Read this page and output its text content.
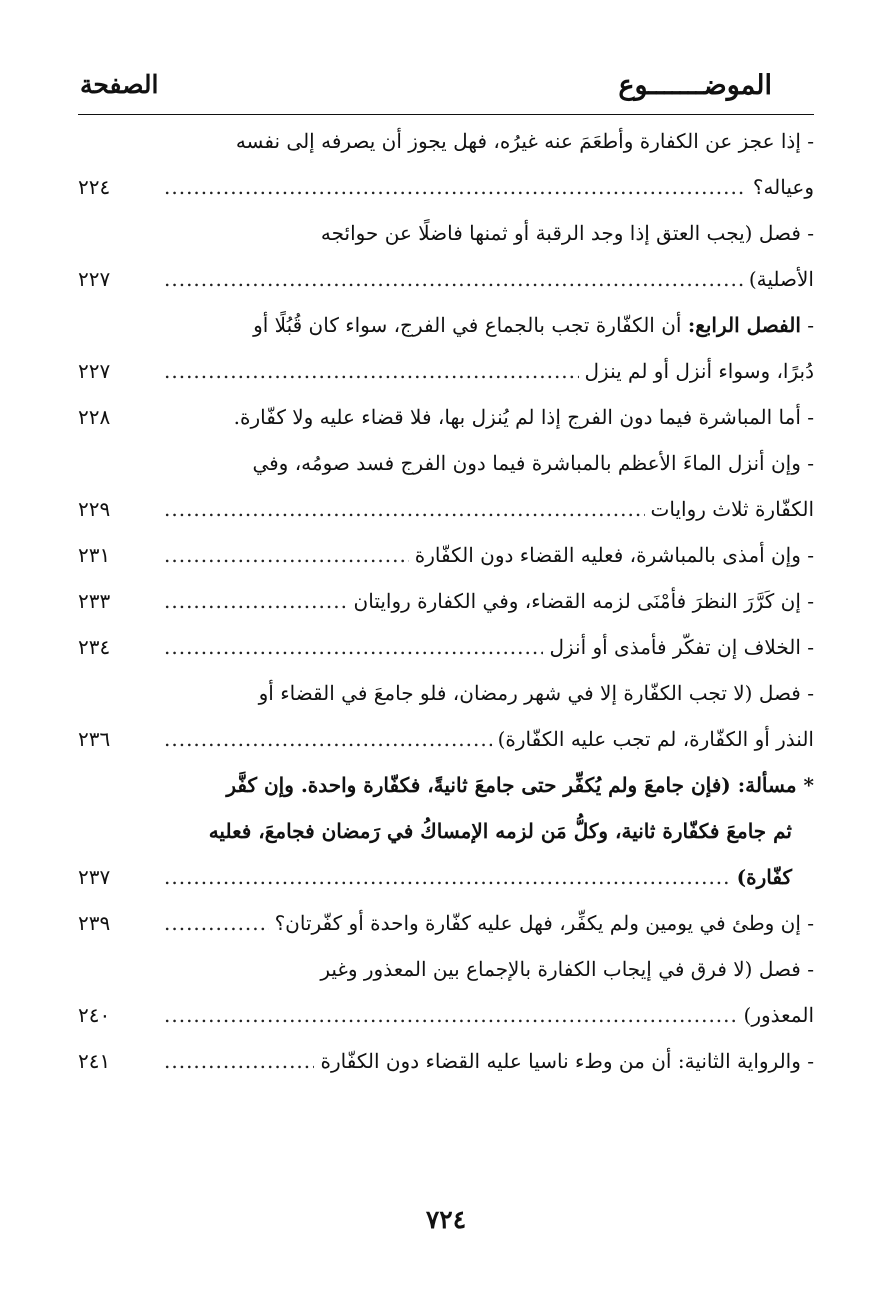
الموضـــــــوع
الصفحة
- إذا عجز عن الكفارة وأطعَمَ عنه غيرُه، فهل يجوز أن يصرفه إلى نفسه
وعياله؟
.....
٢٢٤
- فصل (يجب العتق إذا وجد الرقبة أو ثمنها فاضلًا عن حوائجه
الأصلية)
.....
٢٢٧
- الفصل الرابع: أن الكفّارة تجب بالجماع في الفرج، سواء كان قُبُلًا أو
دُبرًا، وسواء أنزل أو لم ينزل
.....
٢٢٧
- أما المباشرة فيما دون الفرج إذا لم يُنزل بها، فلا قضاء عليه ولا كفّارة.
٢٢٨
- وإن أنزل الماءَ الأعظم بالمباشرة فيما دون الفرج فسد صومُه، وفي
الكفّارة ثلاث روايات
.....
٢٢٩
- وإن أمذى بالمباشرة، فعليه القضاء دون الكفّارة
.....
٢٣١
- إن كَرَّرَ النظرَ فأمْنَى لزمه القضاء، وفي الكفارة روايتان
.....
٢٣٣
- الخلاف إن تفكّر فأمذى أو أنزل
.....
٢٣٤
- فصل (لا تجب الكفّارة إلا في شهر رمضان، فلو جامعَ في القضاء أو
النذر أو الكفّارة، لم تجب عليه الكفّارة)
.....
٢٣٦
* مسألة: (فإن جامعَ ولم يُكفِّر حتى جامعَ ثانيةً، فكفّارة واحدة. وإن كفَّر
ثم جامعَ فكفّارة ثانية، وكلُّ مَن لزمه الإمساكُ في رَمضان فجامعَ، فعليه
كفّارة)
.....
٢٣٧
- إن وطئ في يومين ولم يكفِّر، فهل عليه كفّارة واحدة أو كفّرتان؟
.....
٢٣٩
- فصل (لا فرق في إيجاب الكفارة بالإجماع بين المعذور وغير
المعذور)
.....
٢٤٠
- والرواية الثانية: أن من وطء ناسيا عليه القضاء دون الكفّارة
.....
٢٤١
٧٢٤
